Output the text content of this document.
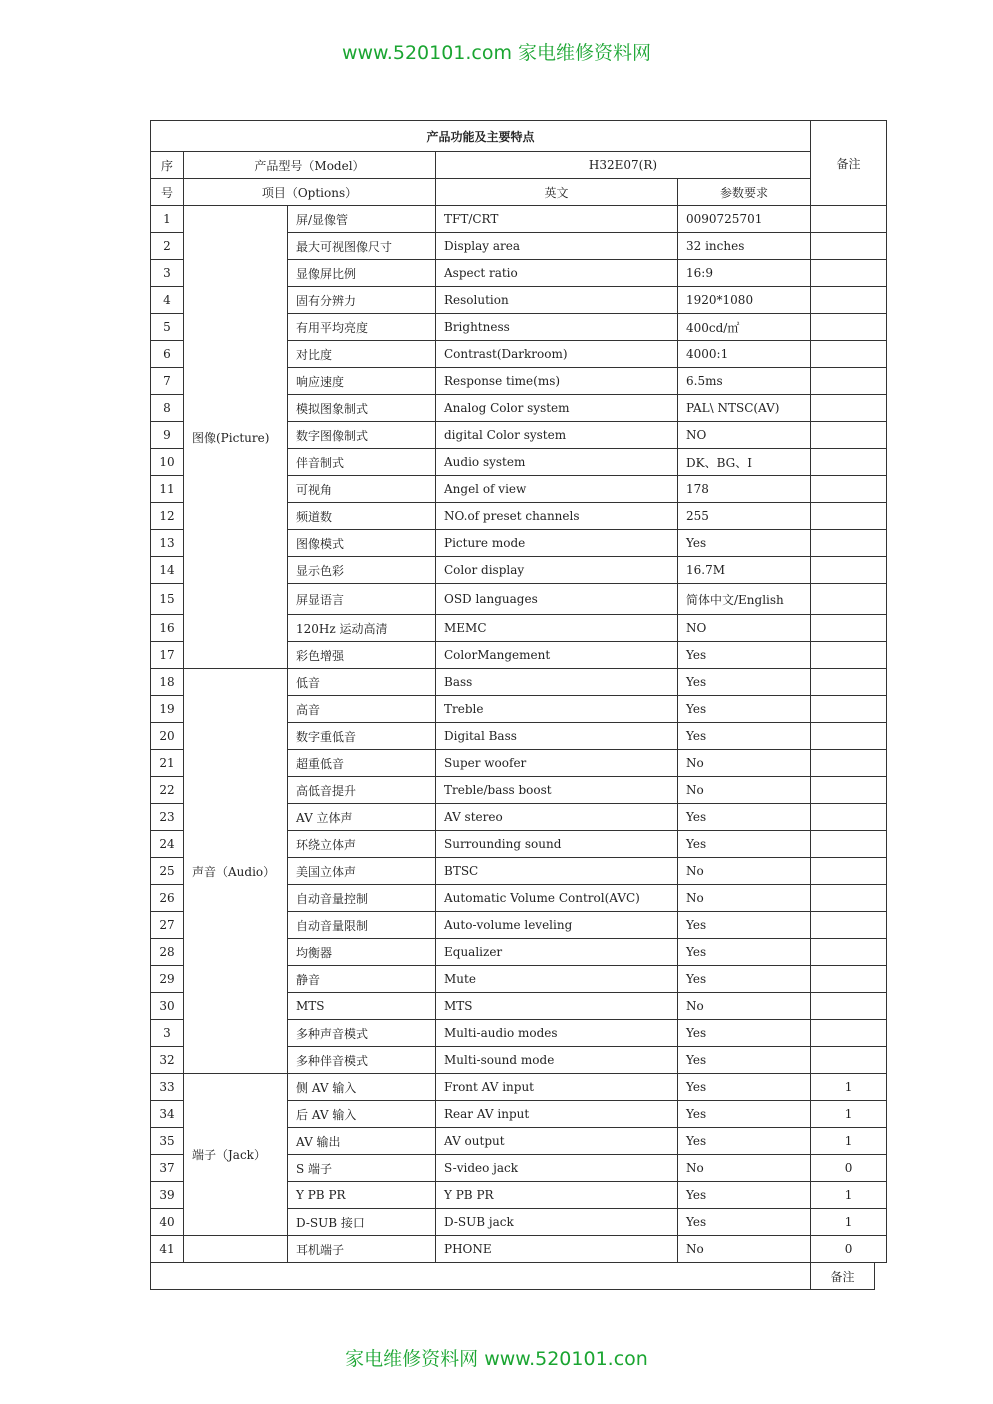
www.520101.com 家电维修资料网
产品功能及主要特点					备注	
序	产品型号（Model）		H32E07(R)			
号	项目（Options）		英文	参数要求		
1	图像(Picture)	屏/显像管	TFT/CRT	0090725701		
2		最大可视图像尺寸	Display area	32 inches		
3		显像屏比例	Aspect ratio	16:9		
4		固有分辨力	Resolution	1920*1080		
5		有用平均亮度	Brightness	400cd/㎡		
6		对比度	Contrast(Darkroom)	4000:1		
7		响应速度	Response time(ms)	6.5ms		
8		模拟图象制式	Analog Color system	PAL\ NTSC(AV)		
9		数字图像制式	digital Color system	NO		
10		伴音制式	Audio system	DK、BG、I		
11		可视角	Angel of view	178		
12		频道数	NO.of preset channels	255		
13		图像模式	Picture mode	Yes		
14		显示色彩	Color display	16.7M		
15		屏显语言	OSD languages	简体中文/English		
16		120Hz 运动高清	MEMC	NO		
17		彩色增强	ColorMangement	Yes		
18	声音（Audio）	低音	Bass	Yes		
19		高音	Treble	Yes		
20		数字重低音	Digital Bass	Yes		
21		超重低音	Super woofer	No		
22		高低音提升	Treble/bass boost	No		
23		AV 立体声	AV stereo	Yes		
24		环绕立体声	Surrounding sound	Yes		
25		美国立体声	BTSC	No		
26		自动音量控制	Automatic Volume Control(AVC)	No		
27		自动音量限制	Auto-volume leveling	Yes		
28		均衡器	Equalizer	Yes		
29		静音	Mute	Yes		
30		MTS	MTS	No		
3		多种声音模式	Multi-audio modes	Yes		
32		多种伴音模式	Multi-sound mode	Yes		
33	端子（Jack）	侧 AV 输入	Front AV input	Yes	1	
34		后 AV 输入	Rear AV input	Yes	1	
35		AV 输出	AV output	Yes	1	
37		S 端子	S-video jack	No	0	
39		Y PB PR	Y PB PR	Yes	1	
40		D-SUB 接口	D-SUB jack	Yes	1	
41		耳机端子	PHONE	No	0	
					备注	
家电维修资料网 www.520101.con
